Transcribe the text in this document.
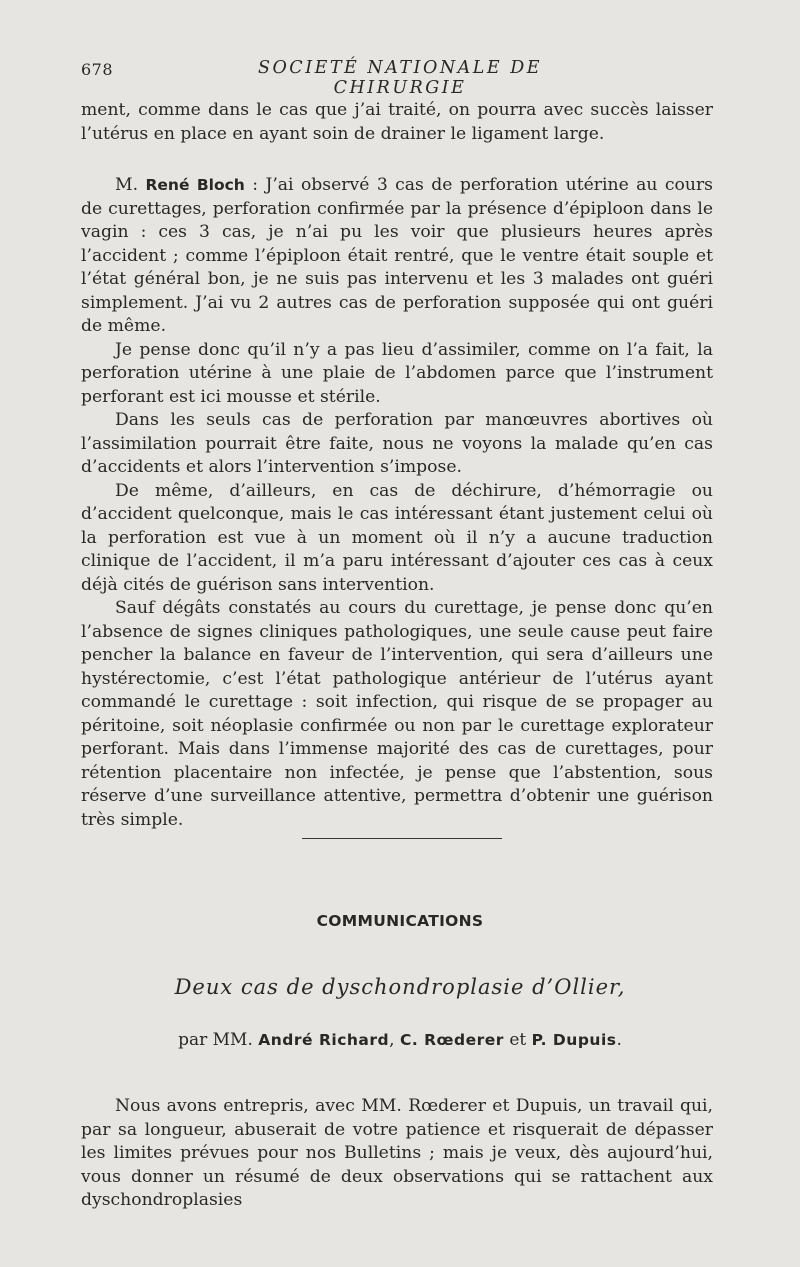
678	SOCIETÉ NATIONALE DE CHIRURGIE

ment, comme dans le cas que j’ai traité, on pourra avec succès laisser l’utérus en place en ayant soin de drainer le ligament large.

M. René Bloch : J’ai observé 3 cas de perforation utérine au cours de curettages, perforation confirmée par la présence d’épiploon dans le vagin : ces 3 cas, je n’ai pu les voir que plusieurs heures après l’accident ; comme l’épiploon était rentré, que le ventre était souple et l’état général bon, je ne suis pas intervenu et les 3 malades ont guéri simplement. J’ai vu 2 autres cas de perforation supposée qui ont guéri de même.

Je pense donc qu’il n’y a pas lieu d’assimiler, comme on l’a fait, la perforation utérine à une plaie de l’abdomen parce que l’instrument perforant est ici mousse et stérile.

Dans les seuls cas de perforation par manœuvres abortives où l’assimilation pourrait être faite, nous ne voyons la malade qu’en cas d’accidents et alors l’intervention s’impose.

De même, d’ailleurs, en cas de déchirure, d’hémorragie ou d’accident quelconque, mais le cas intéressant étant justement celui où la perforation est vue à un moment où il n’y a aucune traduction clinique de l’accident, il m’a paru intéressant d’ajouter ces cas à ceux déjà cités de guérison sans intervention.

Sauf dégâts constatés au cours du curettage, je pense donc qu’en l’absence de signes cliniques pathologiques, une seule cause peut faire pencher la balance en faveur de l’intervention, qui sera d’ailleurs une hystérectomie, c’est l’état pathologique antérieur de l’utérus ayant commandé le curettage : soit infection, qui risque de se propager au péritoine, soit néoplasie confirmée ou non par le curettage explorateur perforant. Mais dans l’immense majorité des cas de curettages, pour rétention placentaire non infectée, je pense que l’abstention, sous réserve d’une surveillance attentive, permettra d’obtenir une guérison très simple.

COMMUNICATIONS
Deux cas de dyschondroplasie d’Ollier,
par MM. André Richard, C. Rœderer et P. Dupuis.

Nous avons entrepris, avec MM. Rœderer et Dupuis, un travail qui, par sa longueur, abuserait de votre patience et risquerait de dépasser les limites prévues pour nos Bulletins ; mais je veux, dès aujourd’hui, vous donner un résumé de deux observations qui se rattachent aux dyschondroplasies
